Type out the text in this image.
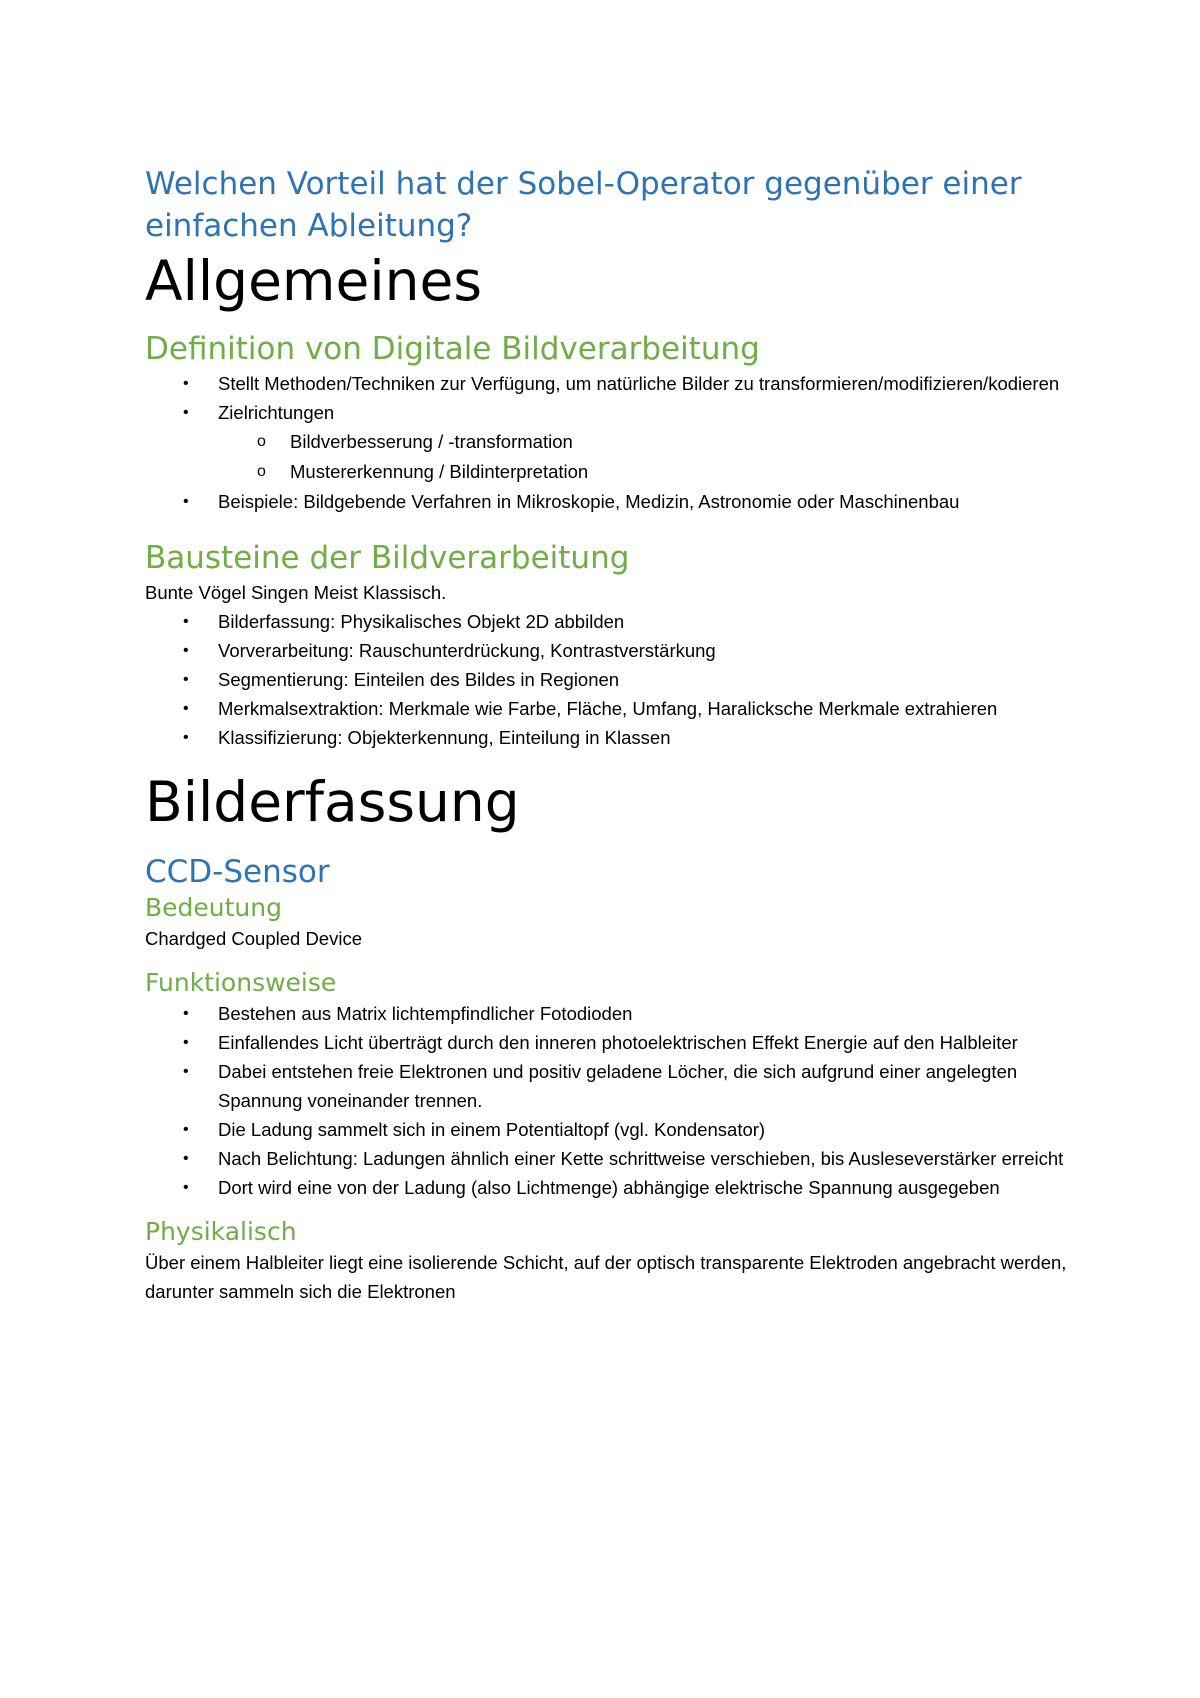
Welchen Vorteil hat der Sobel-Operator gegenüber einer
einfachen Ableitung?
Allgemeines
Definition von Digitale Bildverarbeitung
• Stellt Methoden/Techniken zur Verfügung, um natürliche Bilder zu transformieren/modifizieren/kodieren
• Zielrichtungen
o Bildverbesserung / -transformation
o Mustererkennung / Bildinterpretation
• Beispiele: Bildgebende Verfahren in Mikroskopie, Medizin, Astronomie oder Maschinenbau
Bausteine der Bildverarbeitung

Bunte Vögel Singen Meist Klassisch.

• Bilderfassung: Physikalisches Objekt 2D abbilden
• Vorverarbeitung: Rauschunterdrückung, Kontrastverstärkung
• Segmentierung: Einteilen des Bildes in Regionen
• Merkmalsextraktion: Merkmale wie Farbe, Fläche, Umfang, Haralicksche Merkmale extrahieren
• Klassifizierung: Objekterkennung, Einteilung in Klassen
Bilderfassung
CCD-Sensor
Bedeutung

Chardged Coupled Device

Funktionsweise
• Bestehen aus Matrix lichtempfindlicher Fotodioden
• Einfallendes Licht überträgt durch den inneren photoelektrischen Effekt Energie auf den Halbleiter
• Dabei entstehen freie Elektronen und positiv geladene Löcher, die sich aufgrund einer angelegten Spannung voneinander trennen.
• Die Ladung sammelt sich in einem Potentialtopf (vgl. Kondensator)
• Nach Belichtung: Ladungen ähnlich einer Kette schrittweise verschieben, bis Ausleseverstärker erreicht
• Dort wird eine von der Ladung (also Lichtmenge) abhängige elektrische Spannung ausgegeben
Physikalisch

Über einem Halbleiter liegt eine isolierende Schicht, auf der optisch transparente Elektroden angebracht werden, darunter sammeln sich die Elektronen
